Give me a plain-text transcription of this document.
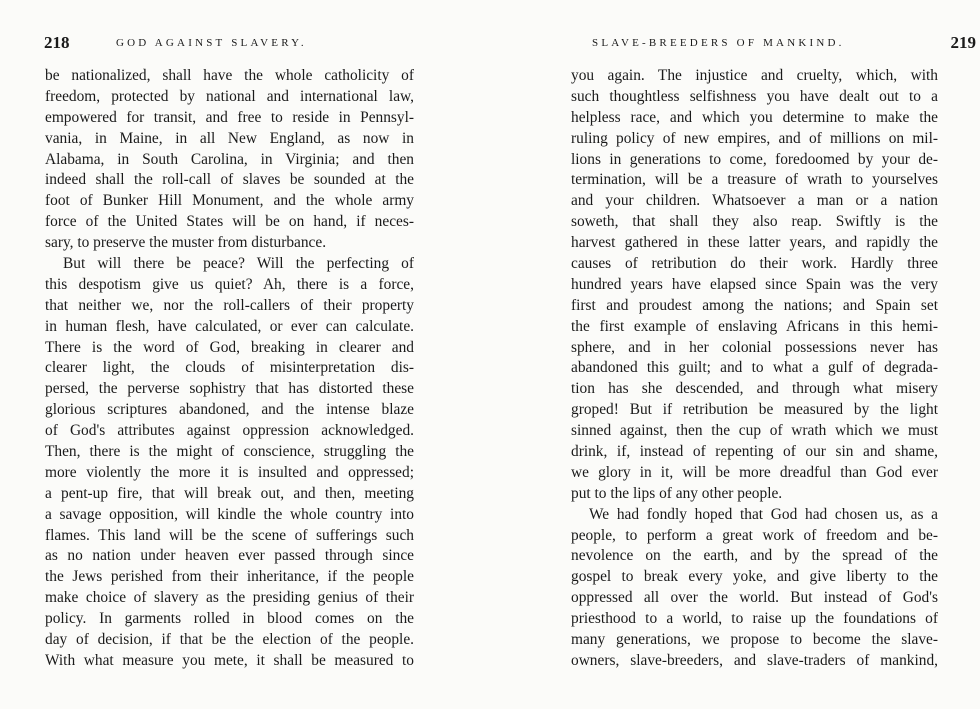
218	GOD AGAINST SLAVERY.
be nationalized, shall have the whole catholicity of
freedom, protected by national and international law,
empowered for transit, and free to reside in Pennsyl-
vania, in Maine, in all New England, as now in
Alabama, in South Carolina, in Virginia; and then
indeed shall the roll-call of slaves be sounded at the
foot of Bunker Hill Monument, and the whole army
force of the United States will be on hand, if neces-
sary, to preserve the muster from disturbance.
But will there be peace? Will the perfecting of
this despotism give us quiet? Ah, there is a force,
that neither we, nor the roll-callers of their property
in human flesh, have calculated, or ever can calculate.
There is the word of God, breaking in clearer and
clearer light, the clouds of misinterpretation dis-
persed, the perverse sophistry that has distorted these
glorious scriptures abandoned, and the intense blaze
of God's attributes against oppression acknowledged.
Then, there is the might of conscience, struggling the
more violently the more it is insulted and oppressed;
a pent-up fire, that will break out, and then, meeting
a savage opposition, will kindle the whole country into
flames. This land will be the scene of sufferings such
as no nation under heaven ever passed through since
the Jews perished from their inheritance, if the people
make choice of slavery as the presiding genius of their
policy. In garments rolled in blood comes on the
day of decision, if that be the election of the people.
With what measure you mete, it shall be measured to
SLAVE-BREEDERS OF MANKIND.	219
you again. The injustice and cruelty, which, with
such thoughtless selfishness you have dealt out to a
helpless race, and which you determine to make the
ruling policy of new empires, and of millions on mil-
lions in generations to come, foredoomed by your de-
termination, will be a treasure of wrath to yourselves
and your children. Whatsoever a man or a nation
soweth, that shall they also reap. Swiftly is the
harvest gathered in these latter years, and rapidly the
causes of retribution do their work. Hardly three
hundred years have elapsed since Spain was the very
first and proudest among the nations; and Spain set
the first example of enslaving Africans in this hemi-
sphere, and in her colonial possessions never has
abandoned this guilt; and to what a gulf of degrada-
tion has she descended, and through what misery
groped! But if retribution be measured by the light
sinned against, then the cup of wrath which we must
drink, if, instead of repenting of our sin and shame,
we glory in it, will be more dreadful than God ever
put to the lips of any other people.
We had fondly hoped that God had chosen us, as a
people, to perform a great work of freedom and be-
nevolence on the earth, and by the spread of the
gospel to break every yoke, and give liberty to the
oppressed all over the world. But instead of God's
priesthood to a world, to raise up the foundations of
many generations, we propose to become the slave-
owners, slave-breeders, and slave-traders of mankind,
